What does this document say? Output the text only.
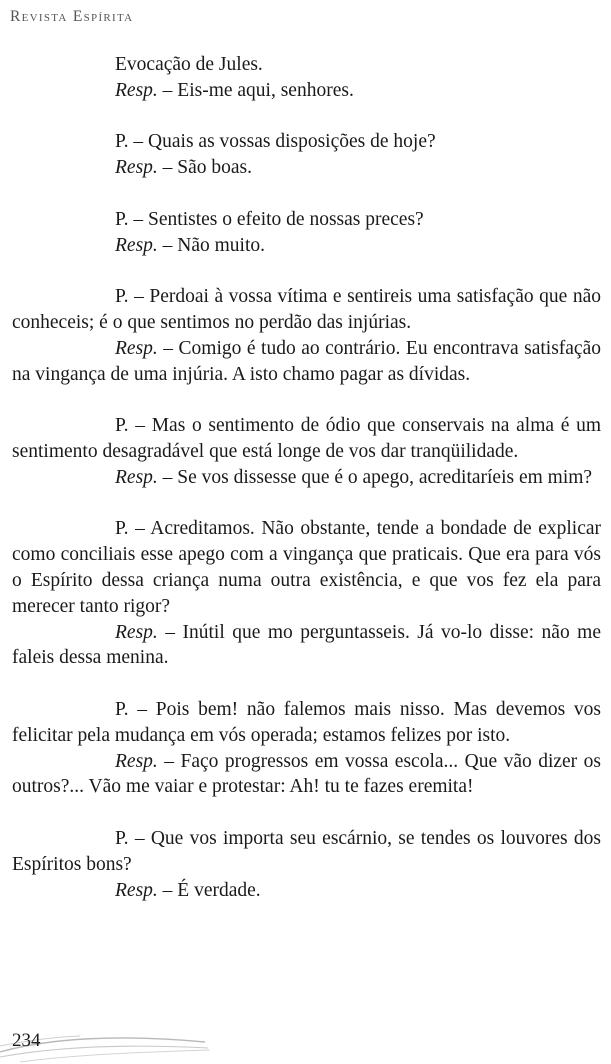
Revista Espírita

Evocação de Jules.

Resp. – Eis-me aqui, senhores.

P. – Quais as vossas disposições de hoje?

Resp. – São boas.

P. – Sentistes o efeito de nossas preces?

Resp. – Não muito.

P. – Perdoai à vossa vítima e sentireis uma satisfação que não conheceis; é o que sentimos no perdão das injúrias.

Resp. – Comigo é tudo ao contrário. Eu encontrava satisfação na vingança de uma injúria. A isto chamo pagar as dívidas.

P. – Mas o sentimento de ódio que conservais na alma é um sentimento desagradável que está longe de vos dar tranqüilidade.

Resp. – Se vos dissesse que é o apego, acreditaríeis em mim?

P. – Acreditamos. Não obstante, tende a bondade de explicar como conciliais esse apego com a vingança que praticais. Que era para vós o Espírito dessa criança numa outra existência, e que vos fez ela para merecer tanto rigor?

Resp. – Inútil que mo perguntasseis. Já vo-lo disse: não me faleis dessa menina.

P. – Pois bem! não falemos mais nisso. Mas devemos vos felicitar pela mudança em vós operada; estamos felizes por isto.

Resp. – Faço progressos em vossa escola... Que vão dizer os outros?... Vão me vaiar e protestar: Ah! tu te fazes eremita!

P. – Que vos importa seu escárnio, se tendes os louvores dos Espíritos bons?

Resp. – É verdade.

234
